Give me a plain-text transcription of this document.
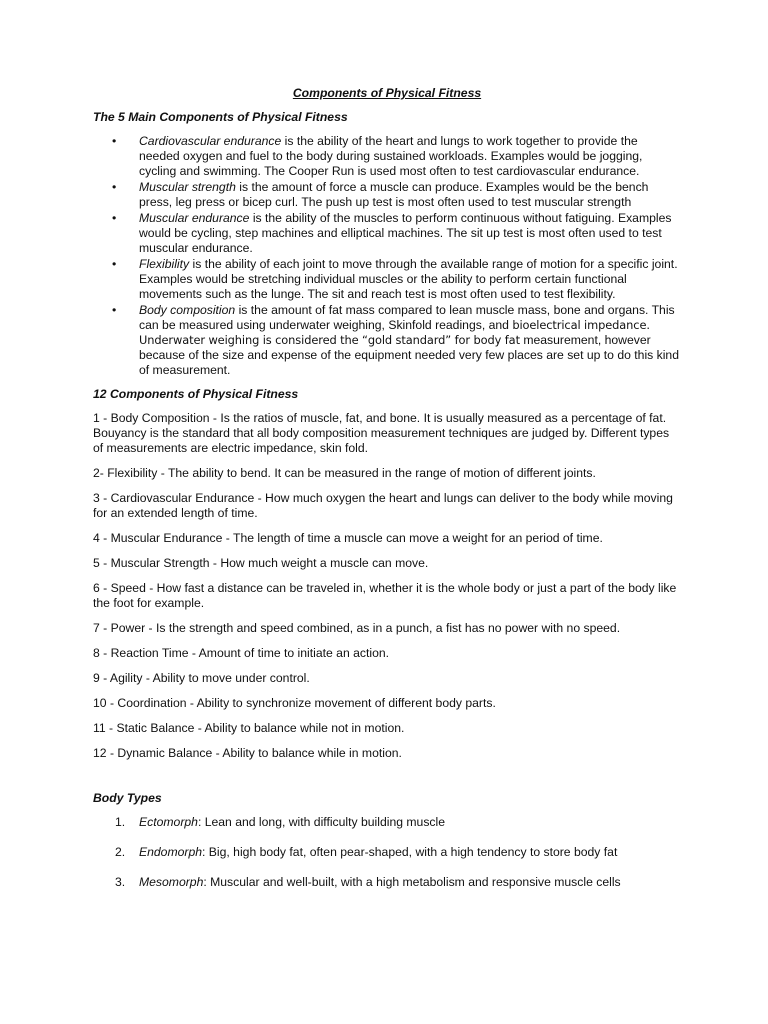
Components of Physical Fitness
The 5 Main Components of Physical Fitness
• Cardiovascular endurance is the ability of the heart and lungs to work together to provide the needed oxygen and fuel to the body during sustained workloads. Examples would be jogging, cycling and swimming. The Cooper Run is used most often to test cardiovascular endurance.
• Muscular strength is the amount of force a muscle can produce. Examples would be the bench press, leg press or bicep curl. The push up test is most often used to test muscular strength
• Muscular endurance is the ability of the muscles to perform continuous without fatiguing. Examples would be cycling, step machines and elliptical machines. The sit up test is most often used to test muscular endurance.
• Flexibility is the ability of each joint to move through the available range of motion for a specific joint. Examples would be stretching individual muscles or the ability to perform certain functional movements such as the lunge. The sit and reach test is most often used to test flexibility.
• Body composition is the amount of fat mass compared to lean muscle mass, bone and organs. This can be measured using underwater weighing, Skinfold readings, and bioelectrical impedance. Underwater weighing is considered the “gold standard” for body fat measurement, however because of the size and expense of the equipment needed very few places are set up to do this kind of measurement.
12 Components of Physical Fitness

1 - Body Composition - Is the ratios of muscle, fat, and bone. It is usually measured as a percentage of fat. Bouyancy is the standard that all body composition measurement techniques are judged by. Different types of measurements are electric impedance, skin fold.

2- Flexibility - The ability to bend. It can be measured in the range of motion of different joints.

3 - Cardiovascular Endurance - How much oxygen the heart and lungs can deliver to the body while moving for an extended length of time.

4 - Muscular Endurance - The length of time a muscle can move a weight for an period of time.

5 - Muscular Strength - How much weight a muscle can move.

6 - Speed - How fast a distance can be traveled in, whether it is the whole body or just a part of the body like the foot for example.

7 - Power - Is the strength and speed combined, as in a punch, a fist has no power with no speed.

8 - Reaction Time - Amount of time to initiate an action.

9 - Agility - Ability to move under control.

10 - Coordination - Ability to synchronize movement of different body parts.

11 - Static Balance - Ability to balance while not in motion.

12 - Dynamic Balance - Ability to balance while in motion.

Body Types
1. Ectomorph: Lean and long, with difficulty building muscle
2. Endomorph: Big, high body fat, often pear-shaped, with a high tendency to store body fat
3. Mesomorph: Muscular and well-built, with a high metabolism and responsive muscle cells
